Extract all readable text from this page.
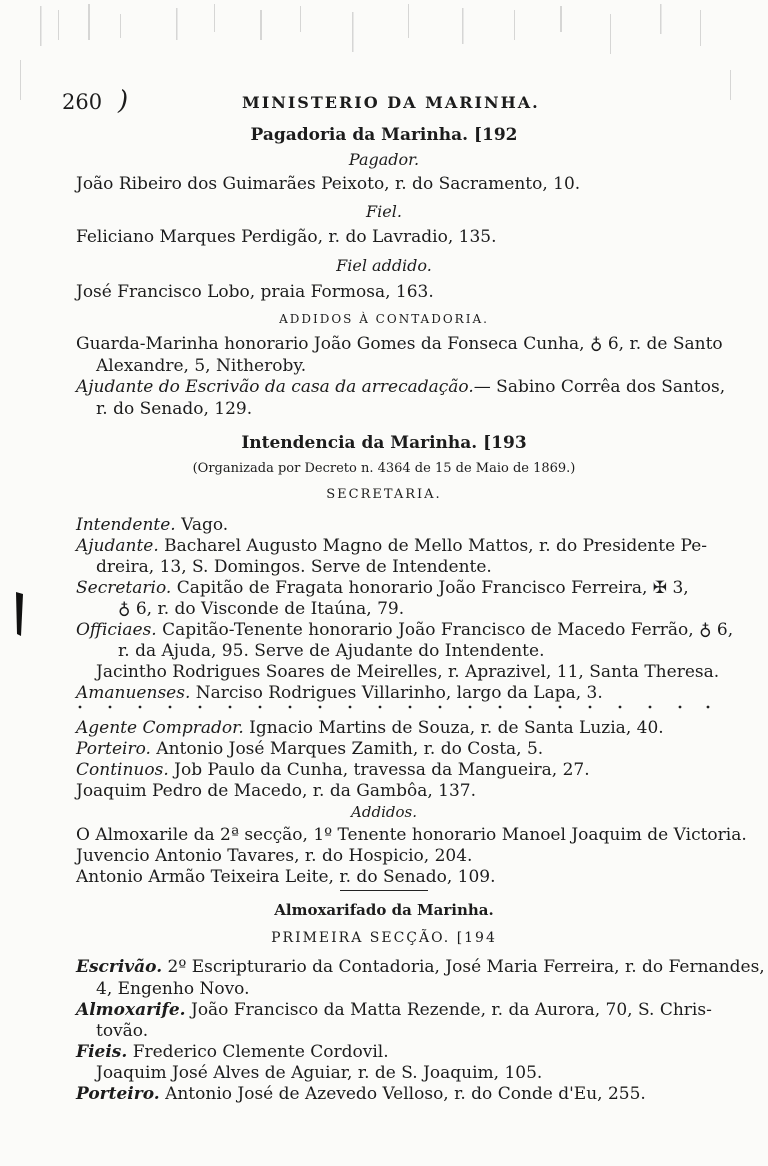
260 )	MINISTERIO DA MARINHA.
Pagadoria da Marinha. [192
Pagador.
João Ribeiro dos Guimarães Peixoto, r. do Sacramento, 10.
Fiel.
Feliciano Marques Perdigão, r. do Lavradio, 135.
Fiel addido.
José Francisco Lobo, praia Formosa, 163.
ADDIDOS À CONTADORIA.
Guarda-Marinha honorario João Gomes da Fonseca Cunha, ♁ 6, r. de Santo
Alexandre, 5, Nitheroby.
Ajudante do Escrivão da casa da arrecadação.— Sabino Corrêa dos Santos,
r. do Senado, 129.
Intendencia da Marinha. [193
(Organizada por Decreto n. 4364 de 15 de Maio de 1869.)
SECRETARIA.
Intendente. Vago.
Ajudante. Bacharel Augusto Magno de Mello Mattos, r. do Presidente Pe-
dreira, 13, S. Domingos. Serve de Intendente.
Secretario. Capitão de Fragata honorario João Francisco Ferreira, ✠ 3,
♁ 6, r. do Visconde de Itaúna, 79.
Officiaes. Capitão-Tenente honorario João Francisco de Macedo Ferrão, ♁ 6,
r. da Ajuda, 95. Serve de Ajudante do Intendente.
Jacintho Rodrigues Soares de Meirelles, r. Aprazivel, 11, Santa Theresa.
Amanuenses. Narciso Rodrigues Villarinho, largo da Lapa, 3.
Agente Comprador. Ignacio Martins de Souza, r. de Santa Luzia, 40.
Porteiro. Antonio José Marques Zamith, r. do Costa, 5.
Continuos. Job Paulo da Cunha, travessa da Mangueira, 27.
Joaquim Pedro de Macedo, r. da Gambôa, 137.
Addidos.
O Almoxarile da 2ª secção, 1º Tenente honorario Manoel Joaquim de Victoria.
Juvencio Antonio Tavares, r. do Hospicio, 204.
Antonio Armão Teixeira Leite, r. do Senado, 109.
Almoxarifado da Marinha.
PRIMEIRA SECÇÃO. [194
Escrivão. 2º Escripturario da Contadoria, José Maria Ferreira, r. do Fernandes,
4, Engenho Novo.
Almoxarife. João Francisco da Matta Rezende, r. da Aurora, 70, S. Chris-
tovão.
Fieis. Frederico Clemente Cordovil.
Joaquim José Alves de Aguiar, r. de S. Joaquim, 105.
Porteiro. Antonio José de Azevedo Velloso, r. do Conde d'Eu, 255.
